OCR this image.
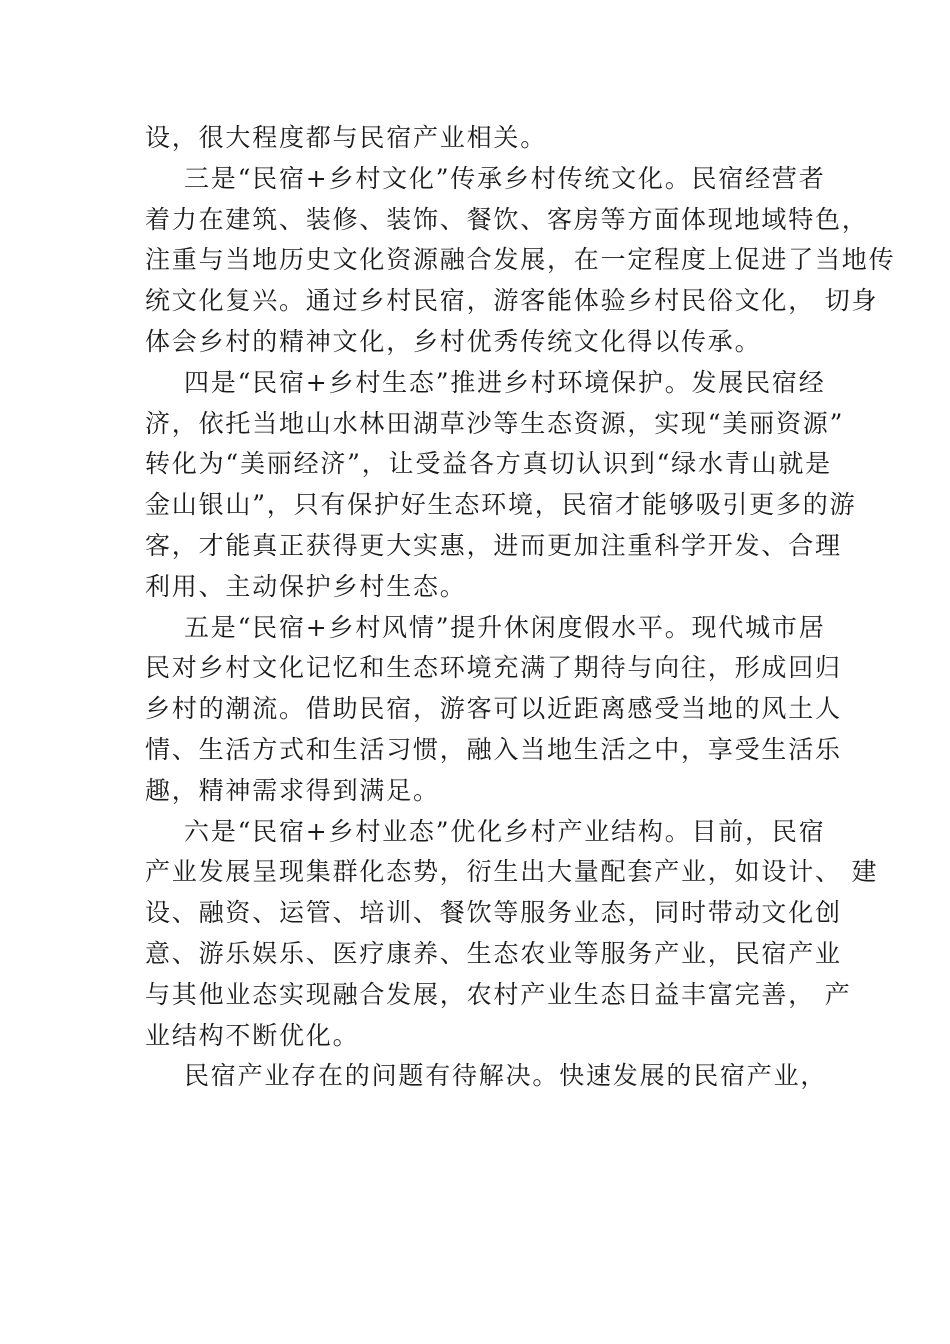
设，很大程度都与民宿产业相关。
三是“民宿+乡村文化”传承乡村传统文化。民宿经营者
着力在建筑、装修、装饰、餐饮、客房等方面体现地域特色，
注重与当地历史文化资源融合发展，在一定程度上促进了当地传
统文化复兴。通过乡村民宿，游客能体验乡村民俗文化， 切身
体会乡村的精神文化，乡村优秀传统文化得以传承。
四是“民宿+乡村生态”推进乡村环境保护。发展民宿经
济，依托当地山水林田湖草沙等生态资源，实现“美丽资源”
转化为“美丽经济”，让受益各方真切认识到“绿水青山就是
金山银山”，只有保护好生态环境，民宿才能够吸引更多的游
客，才能真正获得更大实惠，进而更加注重科学开发、合理
利用、主动保护乡村生态。
五是“民宿+乡村风情”提升休闲度假水平。现代城市居
民对乡村文化记忆和生态环境充满了期待与向往，形成回归
乡村的潮流。借助民宿，游客可以近距离感受当地的风土人
情、生活方式和生活习惯，融入当地生活之中，享受生活乐
趣，精神需求得到满足。
六是“民宿+乡村业态”优化乡村产业结构。目前，民宿
产业发展呈现集群化态势，衍生出大量配套产业，如设计、 建
设、融资、运管、培训、餐饮等服务业态，同时带动文化创
意、游乐娱乐、医疗康养、生态农业等服务产业，民宿产业
与其他业态实现融合发展，农村产业生态日益丰富完善， 产
业结构不断优化。
民宿产业存在的问题有待解决。快速发展的民宿产业，
